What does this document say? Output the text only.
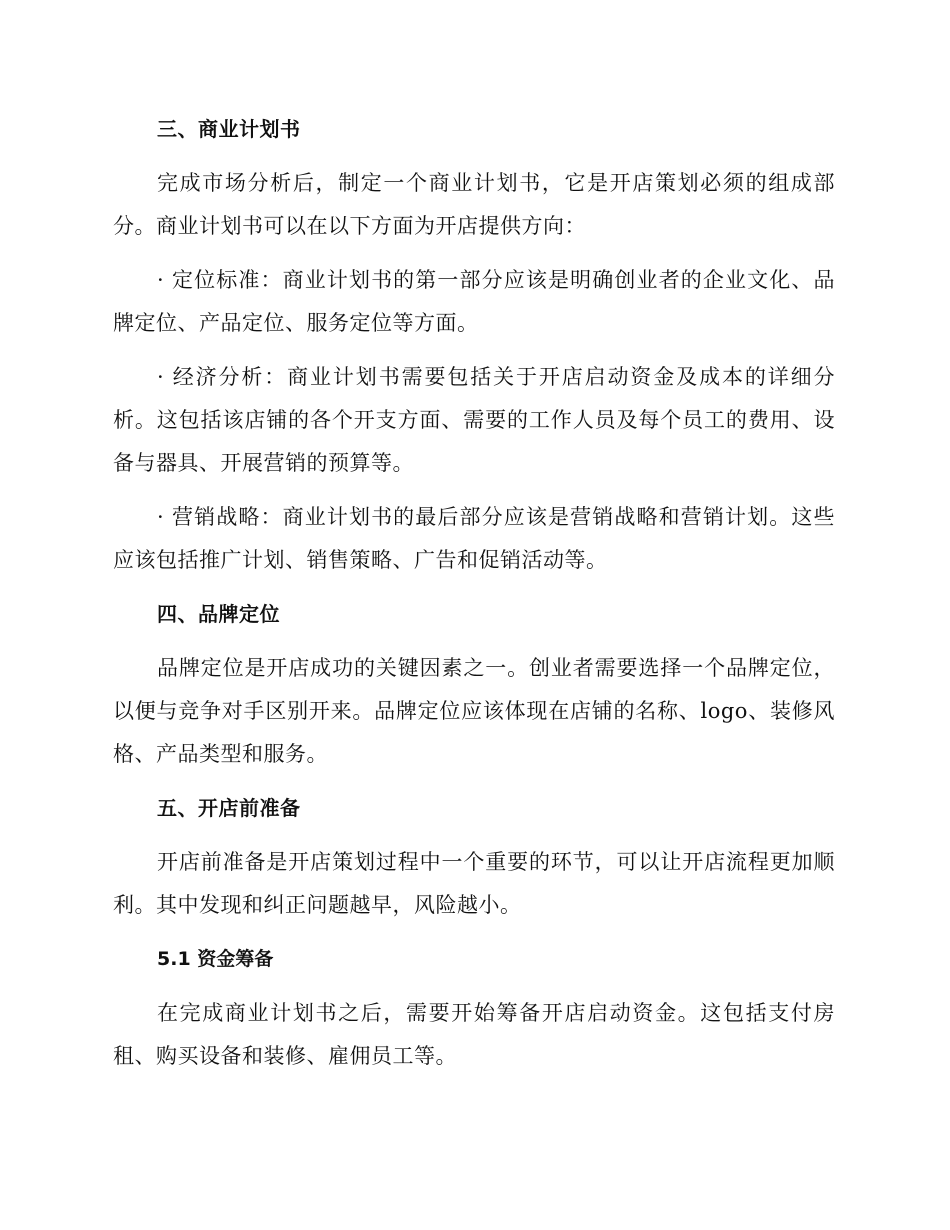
三、商业计划书

完成市场分析后，制定一个商业计划书，它是开店策划必须的组成部分。商业计划书可以在以下方面为开店提供方向：

· 定位标准：商业计划书的第一部分应该是明确创业者的企业文化、品牌定位、产品定位、服务定位等方面。

· 经济分析：商业计划书需要包括关于开店启动资金及成本的详细分析。这包括该店铺的各个开支方面、需要的工作人员及每个员工的费用、设备与器具、开展营销的预算等。

· 营销战略：商业计划书的最后部分应该是营销战略和营销计划。这些应该包括推广计划、销售策略、广告和促销活动等。

四、品牌定位

品牌定位是开店成功的关键因素之一。创业者需要选择一个品牌定位，以便与竞争对手区别开来。品牌定位应该体现在店铺的名称、logo、装修风格、产品类型和服务。

五、开店前准备

开店前准备是开店策划过程中一个重要的环节，可以让开店流程更加顺利。其中发现和纠正问题越早，风险越小。

5.1 资金筹备

在完成商业计划书之后，需要开始筹备开店启动资金。这包括支付房租、购买设备和装修、雇佣员工等。
